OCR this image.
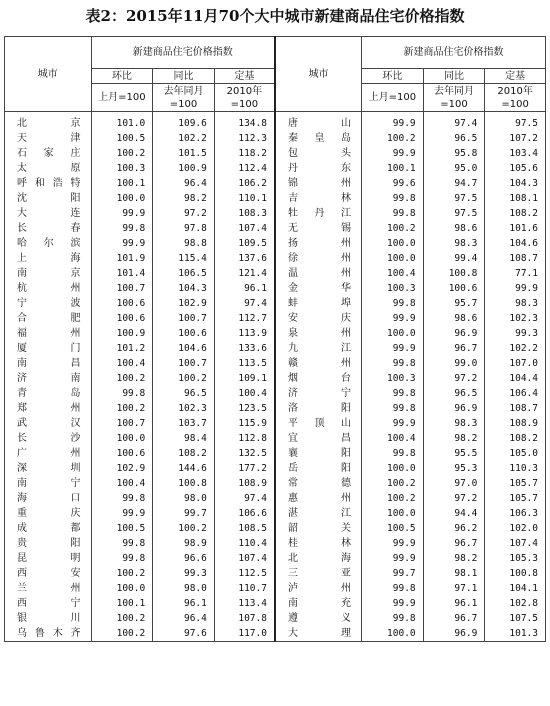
表2：2015年11月70个大中城市新建商品住宅价格指数
城市	新建商品住宅价格指数			城市	新建商品住宅价格指数		
	环比	同比	定基		环比	同比	定基
	上月=100	去年同月=100	2010年=100		上月=100	去年同月=100	2010年=100
北京	101.0	109.6	134.8	唐山	99.9	97.4	97.5
天津	100.5	102.2	112.3	秦皇岛	100.2	96.5	107.2
石家庄	100.2	101.5	118.2	包头	99.9	95.8	103.4
太原	100.3	100.9	112.4	丹东	100.1	95.0	105.6
呼和浩特	100.1	96.4	106.2	锦州	99.6	94.7	104.3
沈阳	100.0	98.2	110.1	吉林	99.8	97.5	108.1
大连	99.9	97.2	108.3	牡丹江	99.8	97.5	108.2
长春	99.8	97.8	107.4	无锡	100.2	98.6	101.6
哈尔滨	99.9	98.8	109.5	扬州	100.0	98.3	104.6
上海	101.9	115.4	137.6	徐州	100.0	99.4	108.7
南京	101.4	106.5	121.4	温州	100.4	100.8	77.1
杭州	100.7	104.3	96.1	金华	100.3	100.6	99.9
宁波	100.6	102.9	97.4	蚌埠	99.8	95.7	98.3
合肥	100.6	100.7	112.7	安庆	99.9	98.6	102.3
福州	100.9	100.6	113.9	泉州	100.0	96.9	99.3
厦门	101.2	104.6	133.6	九江	99.9	96.7	102.2
南昌	100.4	100.7	113.5	赣州	99.8	99.0	107.0
济南	100.2	100.2	109.1	烟台	100.3	97.2	104.4
青岛	99.8	96.5	100.4	济宁	99.8	96.5	106.4
郑州	100.2	102.3	123.5	洛阳	99.8	96.9	108.7
武汉	100.7	103.7	115.9	平顶山	99.9	98.3	108.9
长沙	100.0	98.4	112.8	宜昌	100.4	98.2	108.2
广州	100.6	108.2	132.5	襄阳	99.8	95.5	105.0
深圳	102.9	144.6	177.2	岳阳	100.0	95.3	110.3
南宁	100.4	100.8	108.9	常德	100.2	97.0	105.7
海口	99.8	98.0	97.4	惠州	100.2	97.2	105.7
重庆	99.9	99.7	106.6	湛江	100.0	94.4	106.3
成都	100.5	100.2	108.5	韶关	100.5	96.2	102.0
贵阳	99.8	98.9	110.4	桂林	99.9	96.7	107.4
昆明	99.8	96.6	107.4	北海	99.9	98.2	105.3
西安	100.2	99.3	112.5	三亚	99.7	98.1	100.8
兰州	100.0	98.0	110.7	泸州	99.8	97.1	104.1
西宁	100.1	96.1	113.4	南充	99.9	96.1	102.8
银川	100.2	96.4	107.8	遵义	99.8	96.7	107.5
乌鲁木齐	100.2	97.6	117.0	大理	100.0	96.9	101.3
